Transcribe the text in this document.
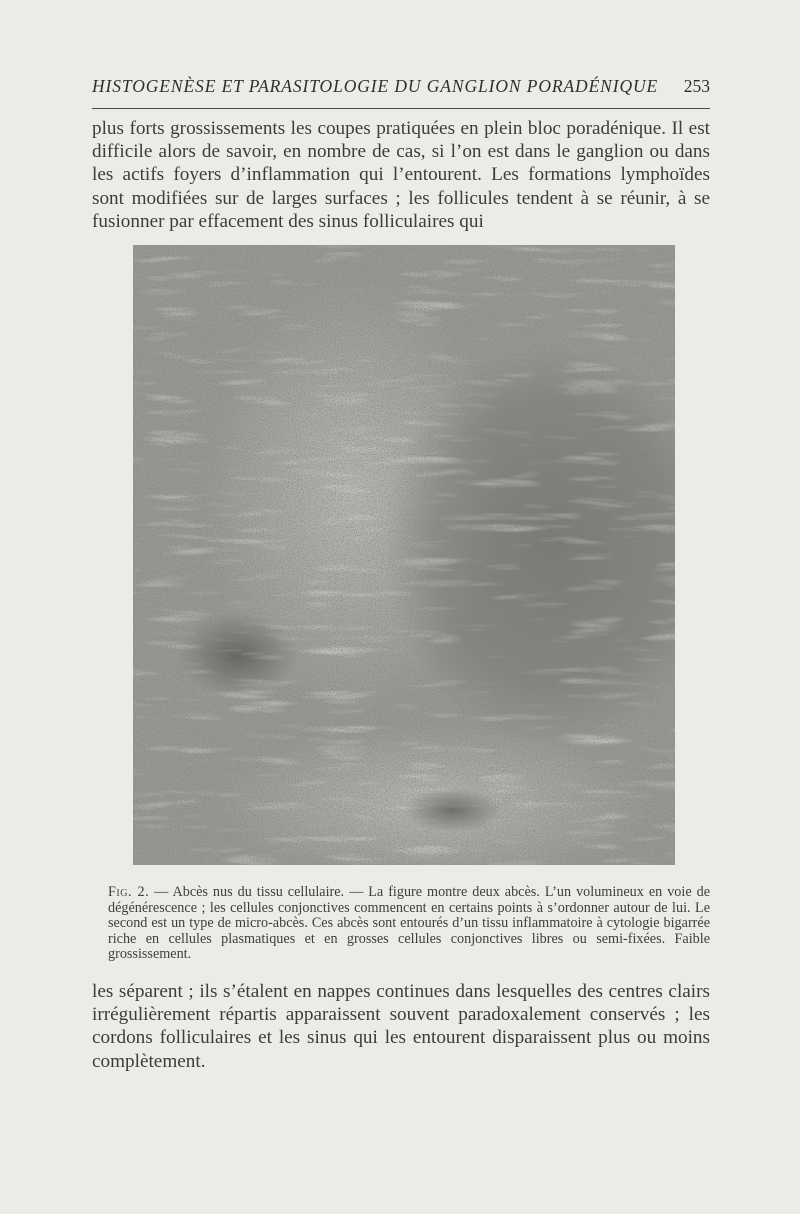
HISTOGENÈSE ET PARASITOLOGIE DU GANGLION PORADÉNIQUE 253

plus forts grossissements les coupes pratiquées en plein bloc poradénique. Il est difficile alors de savoir, en nombre de cas, si l’on est dans le ganglion ou dans les actifs foyers d’inflammation qui l’entourent. Les formations lymphoïdes sont modifiées sur de larges surfaces ; les follicules tendent à se réunir, à se fusionner par effacement des sinus folliculaires qui

Fig. 2. — Abcès nus du tissu cellulaire. — La figure montre deux abcès. L’un volumineux en voie de dégénérescence ; les cellules conjonctives commencent en certains points à s’ordonner autour de lui. Le second est un type de micro-abcès. Ces abcès sont entourés d’un tissu inflammatoire à cytologie bigarrée riche en cellules plasmatiques et en grosses cellules conjonctives libres ou semi-fixées. Faible grossissement.

les séparent ; ils s’étalent en nappes continues dans lesquelles des centres clairs irrégulièrement répartis apparaissent souvent paradoxalement conservés ; les cordons folliculaires et les sinus qui les entourent disparaissent plus ou moins complètement.
